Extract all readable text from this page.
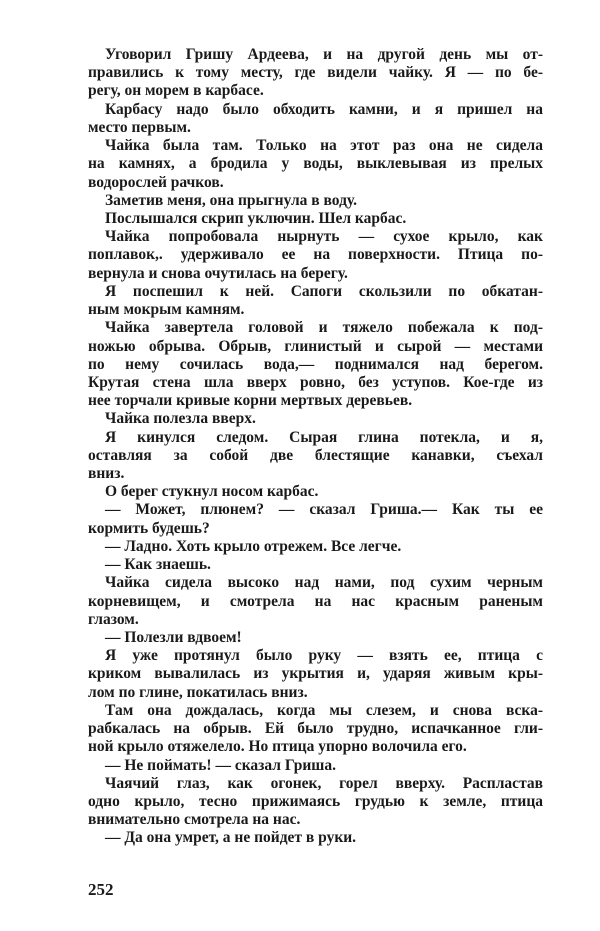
Уговорил Гришу Ардеева, и на другой день мы от-
правились к тому месту, где видели чайку. Я — по бе-
регу, он морем в карбасе.
Карбасу надо было обходить камни, и я пришел на
место первым.
Чайка была там. Только на этот раз она не сидела
на камнях, а бродила у воды, выклевывая из прелых
водорослей рачков.
Заметив меня, она прыгнула в воду.
Послышался скрип уключин. Шел карбас.
Чайка попробовала нырнуть — сухое крыло, как
поплавок,. удерживало ее на поверхности. Птица по-
вернула и снова очутилась на берегу.
Я поспешил к ней. Сапоги скользили по обкатан-
ным мокрым камням.
Чайка завертела головой и тяжело побежала к под-
ножью обрыва. Обрыв, глинистый и сырой — местами
по нему сочилась вода,— поднимался над берегом.
Крутая стена шла вверх ровно, без уступов. Кое-где из
нее торчали кривые корни мертвых деревьев.
Чайка полезла вверх.
Я кинулся следом. Сырая глина потекла, и я,
оставляя за собой две блестящие канавки, съехал
вниз.
О берег стукнул носом карбас.
— Может, плюнем? — сказал Гриша.— Как ты ее
кормить будешь?
— Ладно. Хоть крыло отрежем. Все легче.
— Как знаешь.
Чайка сидела высоко над нами, под сухим черным
корневищем, и смотрела на нас красным раненым
глазом.
— Полезли вдвоем!
Я уже протянул было руку — взять ее, птица с
криком вывалилась из укрытия и, ударяя живым кры-
лом по глине, покатилась вниз.
Там она дождалась, когда мы слезем, и снова вска-
рабкалась на обрыв. Ей было трудно, испачканное гли-
ной крыло отяжелело. Но птица упорно волочила его.
— Не поймать! — сказал Гриша.
Чаячий глаз, как огонек, горел вверху. Распластав
одно крыло, тесно прижимаясь грудью к земле, птица
внимательно смотрела на нас.
— Да она умрет, а не пойдет в руки.
252
